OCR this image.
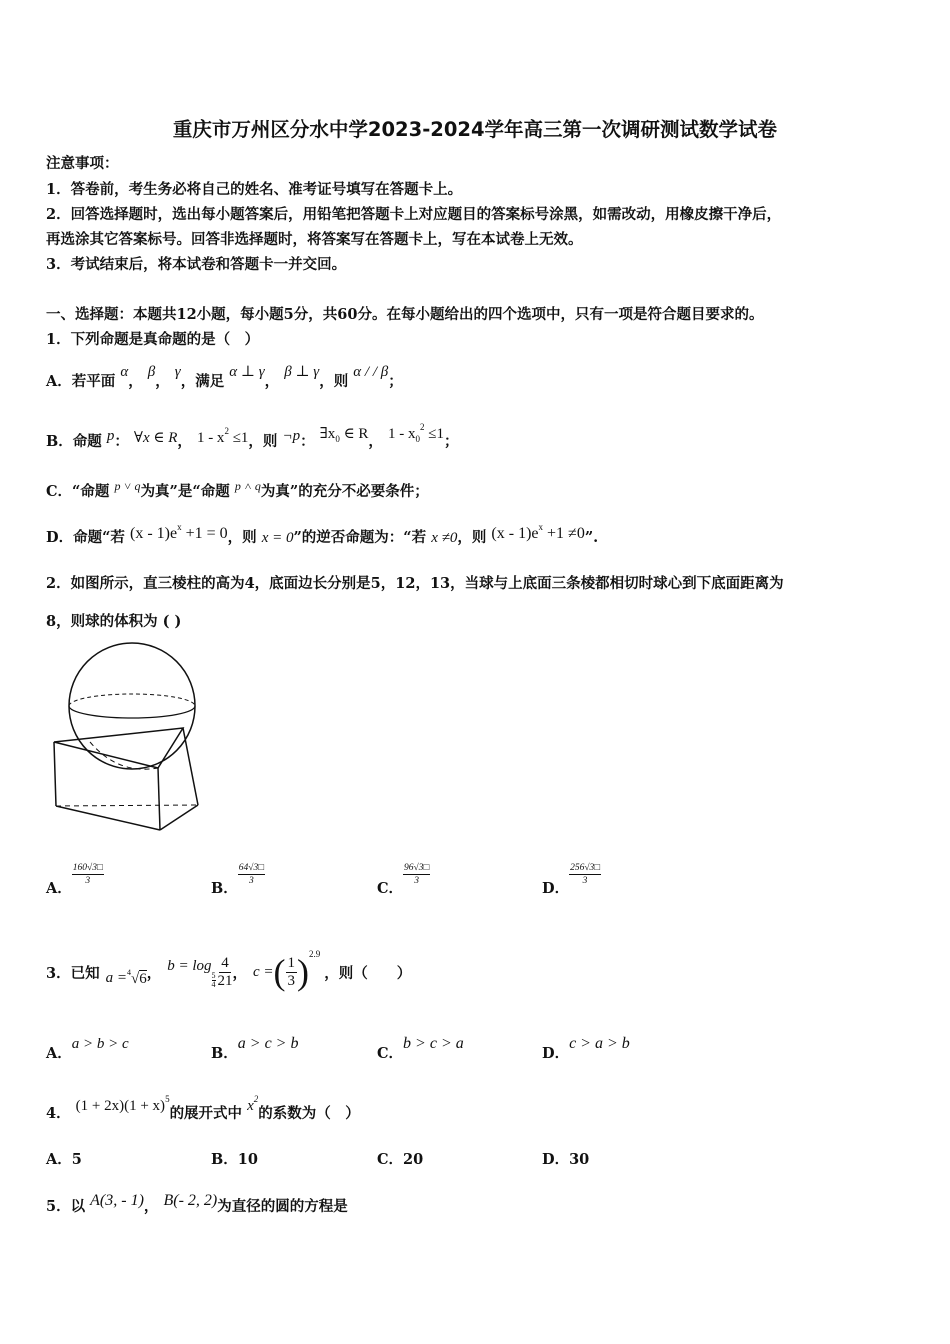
重庆市万州区分水中学2023-2024学年高三第一次调研测试数学试卷
注意事项：
1．答卷前，考生务必将自己的姓名、准考证号填写在答题卡上。
2．回答选择题时，选出每小题答案后，用铅笔把答题卡上对应题目的答案标号涂黑，如需改动，用橡皮擦干净后，
再选涂其它答案标号。回答非选择题时，将答案写在答题卡上，写在本试卷上无效。
3．考试结束后，将本试卷和答题卡一并交回。
一、选择题：本题共12小题，每小题5分，共60分。在每小题给出的四个选项中，只有一项是符合题目要求的。
1．下列命题是真命题的是（　）
A．若平面 α， β， γ，满足 α ⊥ γ， β ⊥ γ，则 α / / β；
B．命题 p： ∀x ∈ R， $1 - x^2 \le 1$，则 ¬p： $\exists x_0$ ∈ R， $1 - x_0^2 \le 1$；
C．“命题 $^{p ˅ q}$为真”是“命题 $^{p ˄ q}$为真”的充分不必要条件；
D．命题“若 $(x - 1)e^x +1 = 0$，则 x = 0”的逆否命题为：“若 x ≠0，则 $(x - 1)e^x +1 \ne 0$”.
2．如图所示，直三棱柱的高为4，底面边长分别是5，12，13，当球与上底面三条棱都相切时球心到下底面距离为
8，则球的体积为 ( )
A．
$\frac{160√3□}{3}$
B．
$\frac{64√3□}{3}$
C．
$\frac{96√3□}{3}$
D．
$\frac{256√3□}{3}$
3．已知 a = $^4$√6 ， b = log
$\frac{5}{4} \frac{4}{21}$ ， c = ( $\frac{1}{3}$ ) 2.9
，则（　　）
A．a > b > c
B．a > c > b
C．b > c > a
D．c > a > b
4． $(1 + 2x)(1 + x)^5$的展开式中 $x^2$的系数为（　）
A．5	B．10	C．20	D．30
5．以 A(3, - 1)， B(- 2, 2)为直径的圆的方程是
